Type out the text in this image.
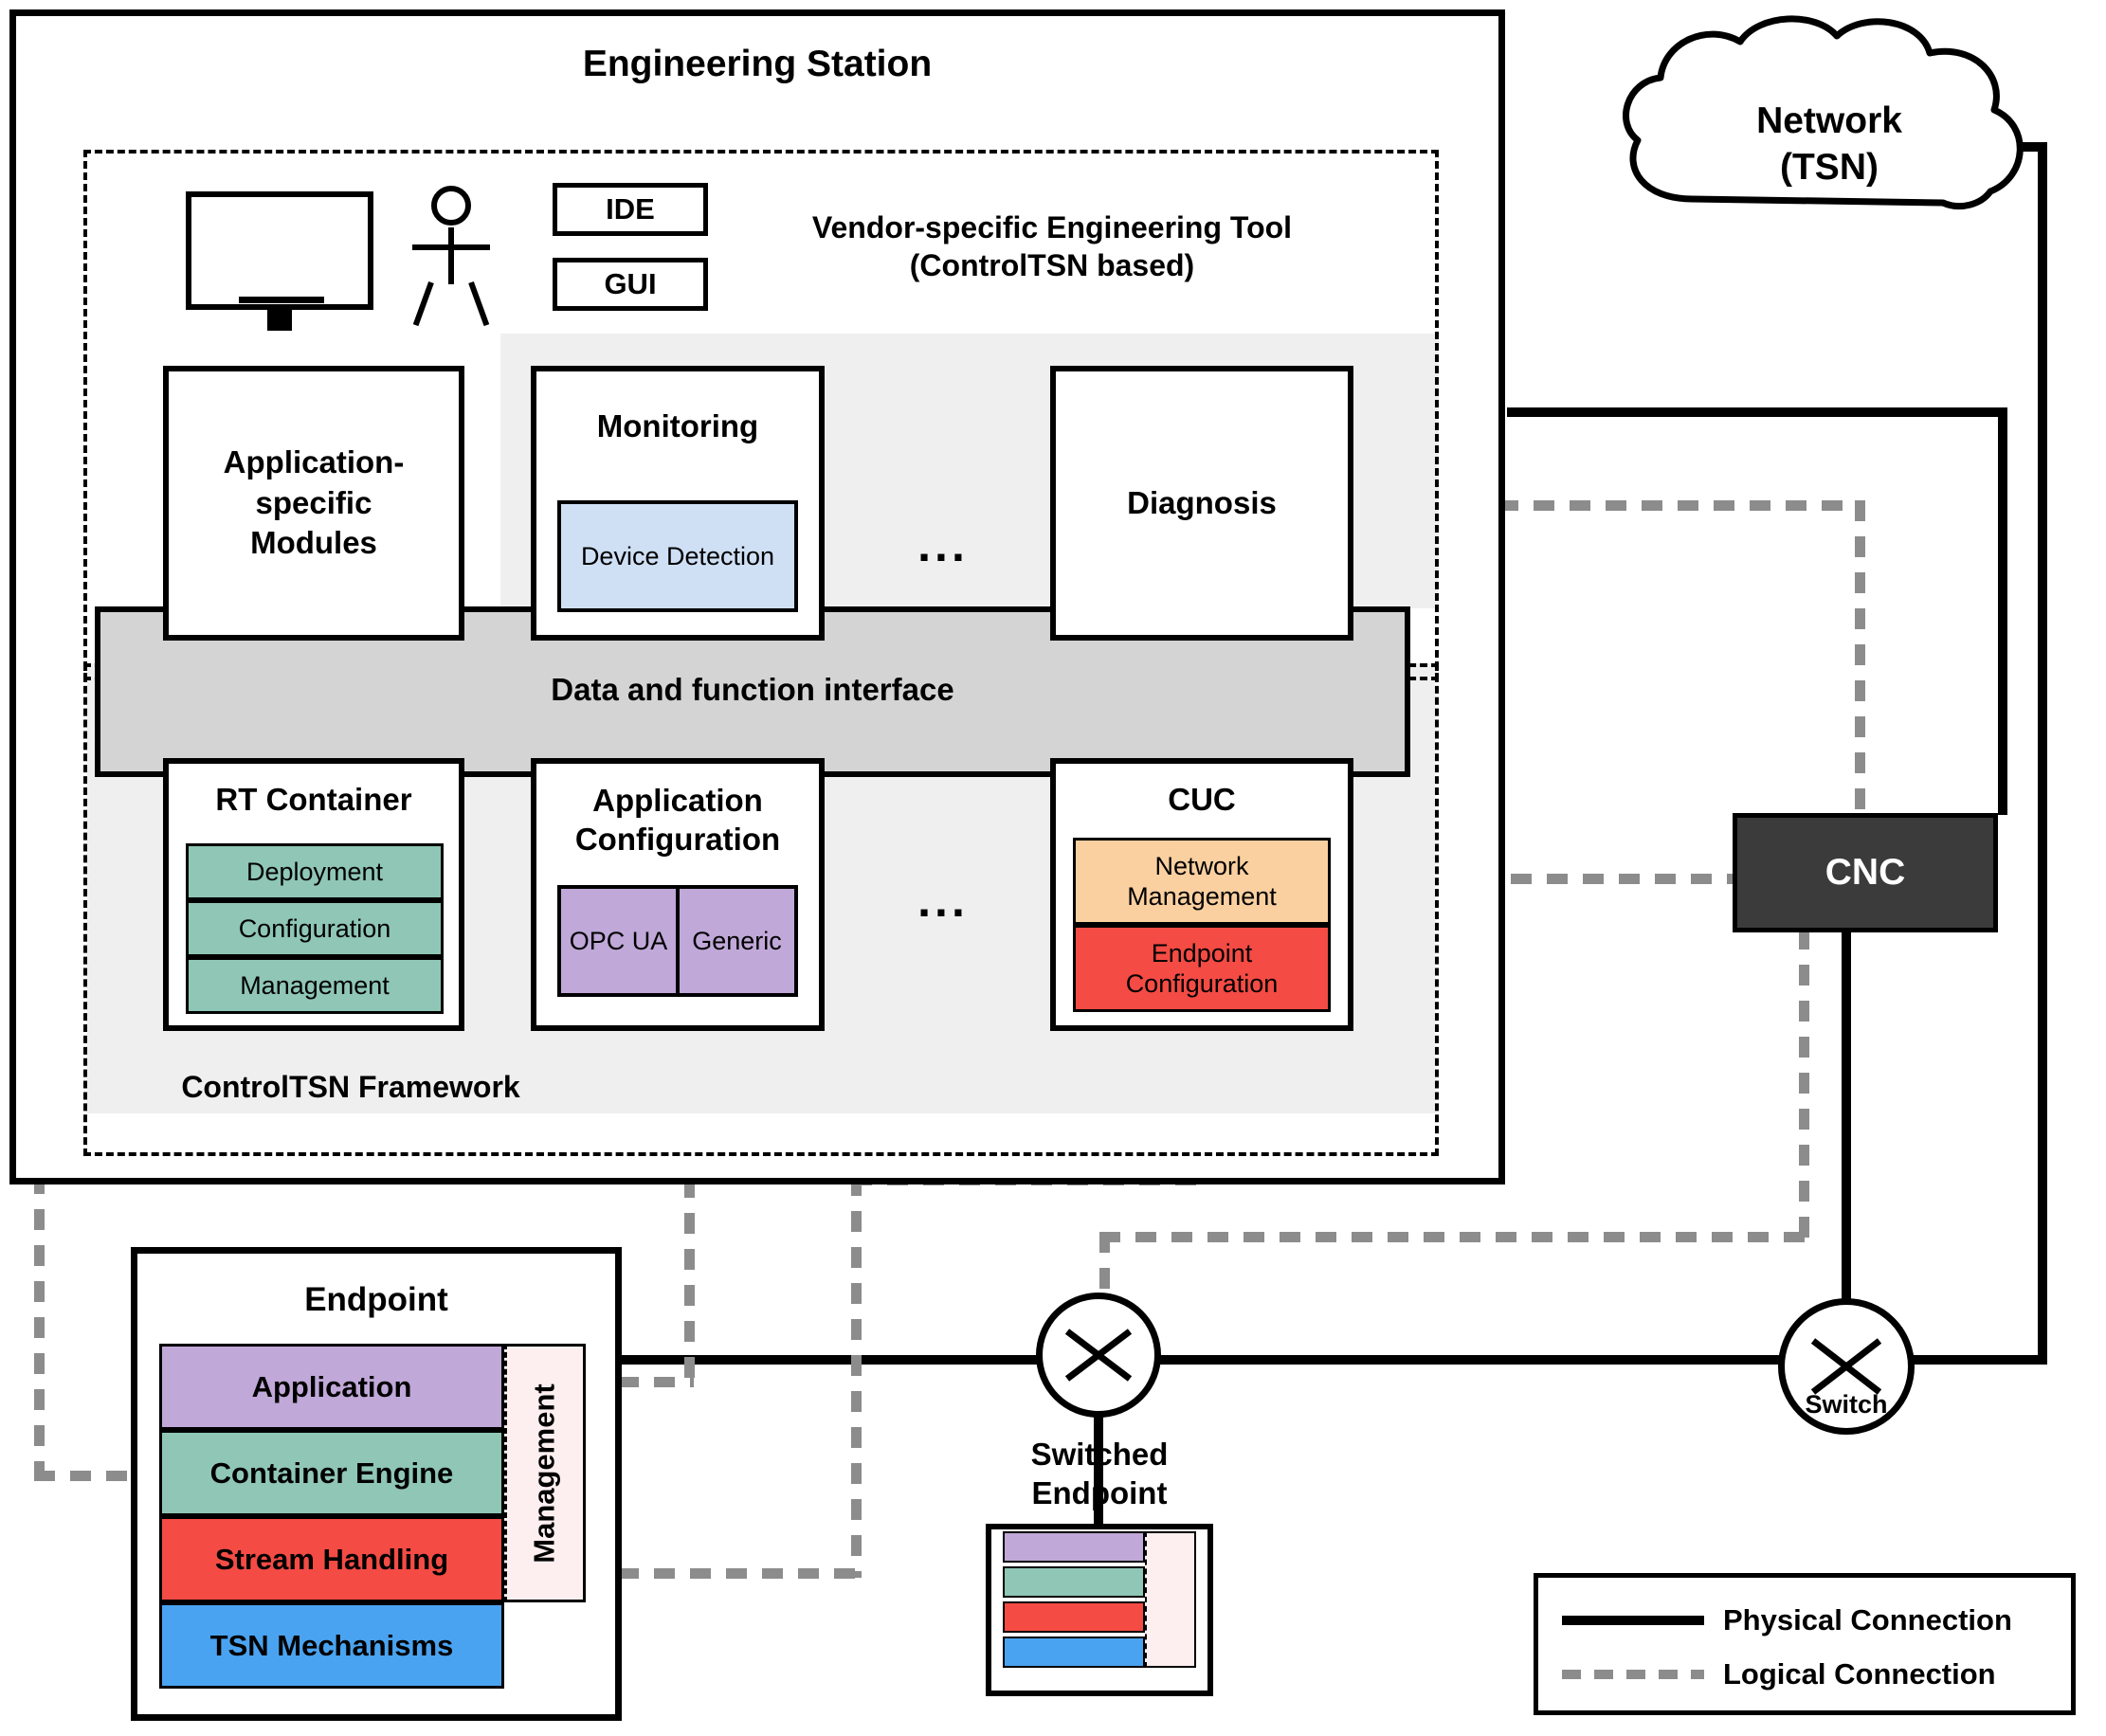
Network
(TSN)
Engineering Station
Vendor-specific Engineering Tool
(ControlTSN based)
IDE
GUI
Data and function interface
Application-
specific
Modules
Monitoring
Device Detection	...
Diagnosis
RT Container
Deployment
Configuration
Management
Application
Configuration
OPC UA Generic
...
CUC
Network
Management
Endpoint
Configuration
ControlTSN Framework
CNC
Switch
Endpoint
Application
Container Engine
Stream Handling
TSN Mechanisms
Management	Switched
Endpoint
Physical Connection
Logical Connection
